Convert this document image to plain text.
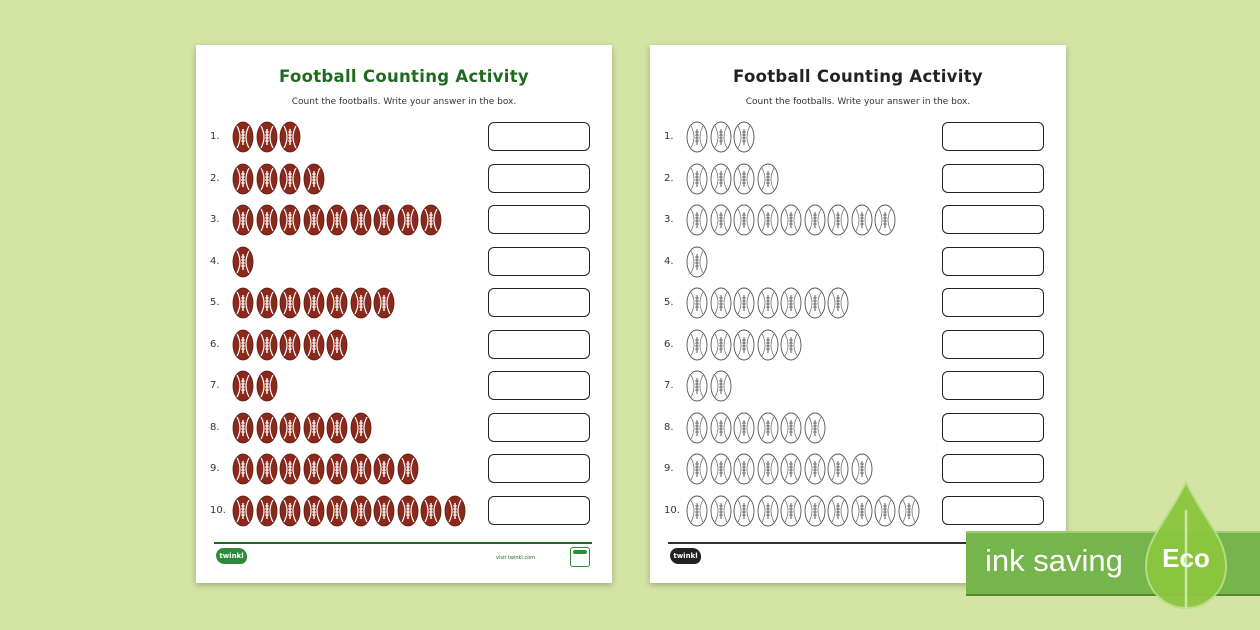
Football Counting Activity
Count the footballs. Write your answer in the box.
1.
2.
3.
4.
5.
6.
7.
8.
9.
10.
twinkl	visit twinkl.com
Football Counting Activity
Count the footballs. Write your answer in the box.
1.
2.
3.
4.
5.
6.
7.
8.
9.
10.
twinkl	ink saving	Eco
